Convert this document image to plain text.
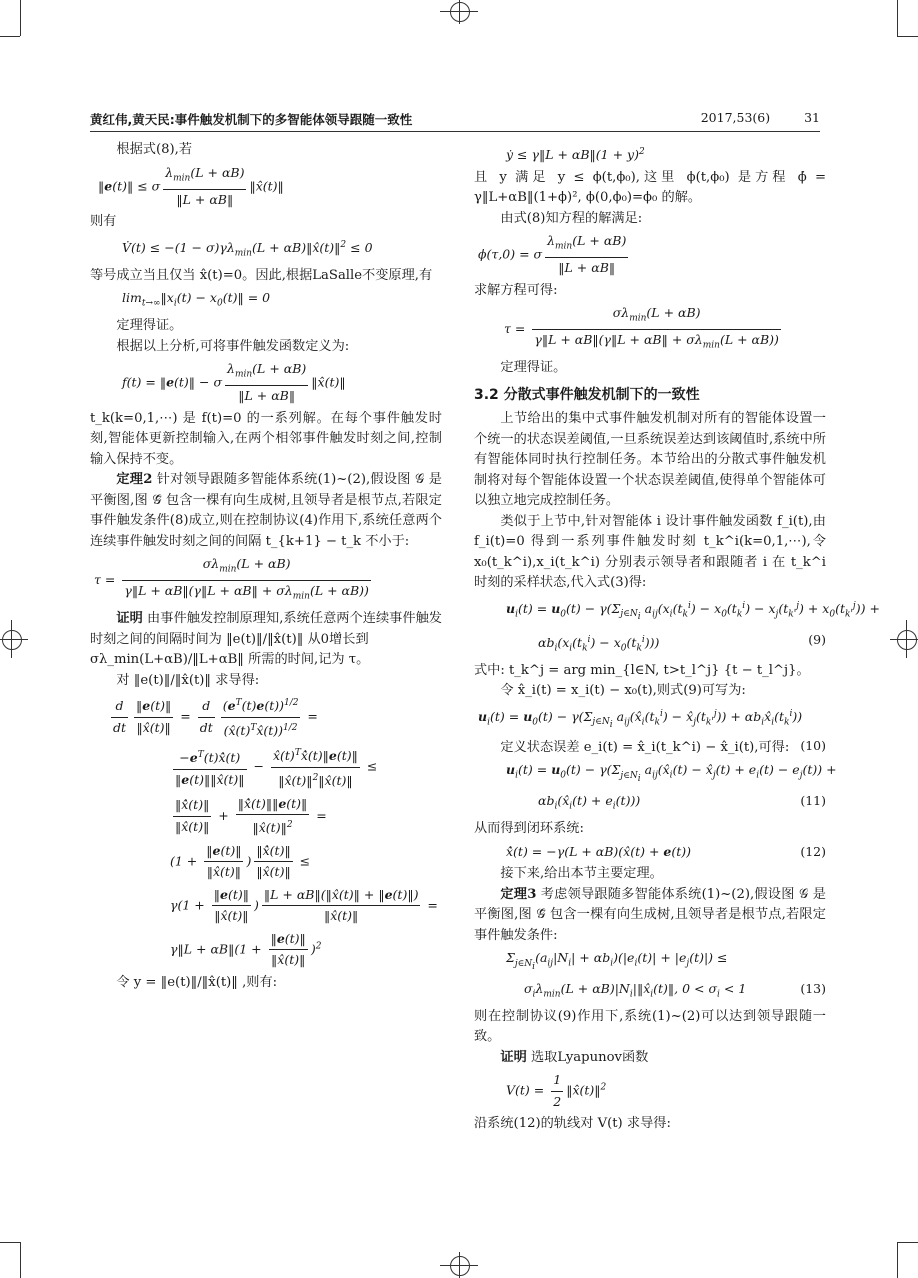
黄红伟,黄天民:事件触发机制下的多智能体领导跟随一致性	2017,53(6)	31

根据式(8),若

‖e(t)‖ ≤ σ $\frac{\lambda_{min}(L + \alpha B)}{‖L + \alpha B‖}$ ‖x̂(t)‖

则有

V̇(t) ≤ $-(1 - \sigma)\gamma\lambda_{min}(L$ + αB)‖x̂(t)‖$^2$ ≤ 0

等号成立当且仅当 x̂(t)=0。因此,根据LaSalle不变原理,有

$\lim_{t\to\infty}‖x_i(t)$ − $x_0(t)‖ = 0$

定理得证。

根据以上分析,可将事件触发函数定义为:

f(t) = ‖e(t)‖ − σ $\frac{\lambda_{min}(L + \alpha B)}{‖L + \alpha B‖}$ ‖x̂(t)‖

t_k(k=0,1,⋯) 是 f(t)=0 的一系列解。在每个事件触发时刻,智能体更新控制输入,在两个相邻事件触发时刻之间,控制输入保持不变。

定理2 针对领导跟随多智能体系统(1)~(2),假设图 𝒢 是平衡图,图 𝒢̄ 包含一棵有向生成树,且领导者是根节点,若限定事件触发条件(8)成立,则在控制协议(4)作用下,系统任意两个连续事件触发时刻之间的间隔 t_{k+1} − t_k 不小于:

$\tau = \frac{\sigma\lambda_{min}(L + \alpha B)}{\gamma‖L + \alpha B‖(\gamma‖L + \alpha B‖ + \sigma\lambda_{min}(L + \alpha B))}$

证明 由事件触发控制原理知,系统任意两个连续事件触发时刻之间的间隔时间为 ‖e(t)‖/‖x̂(t)‖ 从0增长到

σλ_min(L+αB)/‖L+αB‖ 所需的时间,记为 τ。

对 ‖e(t)‖/‖x̂(t)‖ 求导得:

$\frac{d}{dt} \frac{‖e(t)‖}{‖x̂(t)‖} = \frac{d}{dt} \frac{(e^T(t)e(t))^{1/2}}{(x̂(t)^Tx̂(t))^{1/2}}$ =
$\frac{-e^T(t)ẋ̂(t)}{‖e(t)‖‖x̂(t)‖} - \frac{x̂(t)^Tẋ̂(t)‖e(t)‖}{‖x̂(t)‖^2‖x̂(t)‖}$ ≤
$\frac{\text{‖ẋ̂(t)‖}}{‖x̂(t)‖} + \frac{\text{‖ẋ̂(t)‖‖e(t)‖}}{‖x̂(t)‖^2}$ =
($1 + \frac{‖e(t)‖}{‖x̂(t)‖}$ ) $\frac{\text{‖ẋ̂(t)‖}}{‖x̂(t)‖}$ ≤
$\gamma(1 + \frac{‖e(t)‖}{‖x̂(t)‖}$ ) $\frac{‖L + \alpha B‖(‖x̂(t)‖ + ‖e(t)‖)}{‖x̂(t)‖}$ =
γ‖L + αB‖(1 + $\frac{‖e(t)‖}{‖x̂(t)‖} )^2$

令 y = ‖e(t)‖/‖x̂(t)‖ ,则有:

ẏ ≤ γ‖L + αB‖(1 + y)$^2$

且 y 满足 y ≤ ϕ(t,ϕ₀),这里 ϕ(t,ϕ₀) 是方程 ϕ̇ = γ‖L+αB‖(1+ϕ)², ϕ(0,ϕ₀)=ϕ₀ 的解。

由式(8)知方程的解满足:

ϕ(τ,0) = σ $\frac{\lambda_{min}(L + \alpha B)}{‖L + \alpha B‖}$

求解方程可得:

$\tau = \frac{\sigma\lambda_{min}(L + \alpha B)}{\gamma‖L + \alpha B‖(\gamma‖L + \alpha B‖ + \sigma\lambda_{min}(L + \alpha B))}$

定理得证。

3.2 分散式事件触发机制下的一致性

上节给出的集中式事件触发机制对所有的智能体设置一个统一的状态误差阈值,一旦系统误差达到该阈值时,系统中所有智能体同时执行控制任务。本节给出的分散式事件触发机制将对每个智能体设置一个状态误差阈值,使得单个智能体可以独立地完成控制任务。

类似于上节中,针对智能体 i 设计事件触发函数 f_i(t),由 f_i(t)=0 得到一系列事件触发时刻 t_k^i(k=0,1,⋯),令 x₀(t_k^i),x_i(t_k^i) 分别表示领导者和跟随者 i 在 t_k^i 时刻的采样状态,代入式(3)得:

$u_i(t) = u_0(t) - \gamma(\Sigma_{j\in N_i}$ $a_{ij}(x_i(t_k^i) - x_0(t_k^i) - x_j(t_{k'}^j) + x_0(t_{k'}^j))$ +
$\alpha b_i(x_i(t_k^i) - x_0(t_k^i))$)	(9)

式中: t_k^j = arg min_{l∈N, t>t_l^j} {t − t_l^j}。

令 x̂_i(t) = x_i(t) − x₀(t),则式(9)可写为:

$u_i(t) = u_0(t) - \gamma(\Sigma_{j\in N_i}$ $a_{ij}(x̂_i(t_k^i)$ − $x̂_j(t_{k'}^j)$) + $\alpha b_ix̂_i(t_k^i)$)
(10)

定义状态误差 e_i(t) = x̂_i(t_k^i) − x̂_i(t),可得:

$u_i(t) = u_0(t) - \gamma(\Sigma_{j\in N_i}$ $a_{ij}(x̂_i(t)$ − $x̂_j(t) + e_i(t) - e_j(t)$) +
$\alpha b_i(x̂_i(t) + e_i(t))$)	(11)

从而得到闭环系统:

ẋ̂(t) = −γ(L + αB)(x̂(t) + e(t))	(12)

接下来,给出本节主要定理。

定理3 考虑领导跟随多智能体系统(1)~(2),假设图 𝒢 是平衡图,图 𝒢̄ 包含一棵有向生成树,且领导者是根节点,若限定事件触发条件:

$\Sigma_{j\in N_i}(a_{ij}|N_i| + \alpha b_i)(|e_i(t)| + |e_j(t)|)$ ≤
$\sigma_i\lambda_{min}(L$ + $\alpha B)|N_i|‖x̂_i(t)‖$, $0 < \sigma_i < 1$	(13)

则在控制协议(9)作用下,系统(1)~(2)可以达到领导跟随一致。

证明 选取Lyapunov函数

$V(t) = \frac{1}{2}$ ‖x̂(t)‖$^2$

沿系统(12)的轨线对 V(t) 求导得:
